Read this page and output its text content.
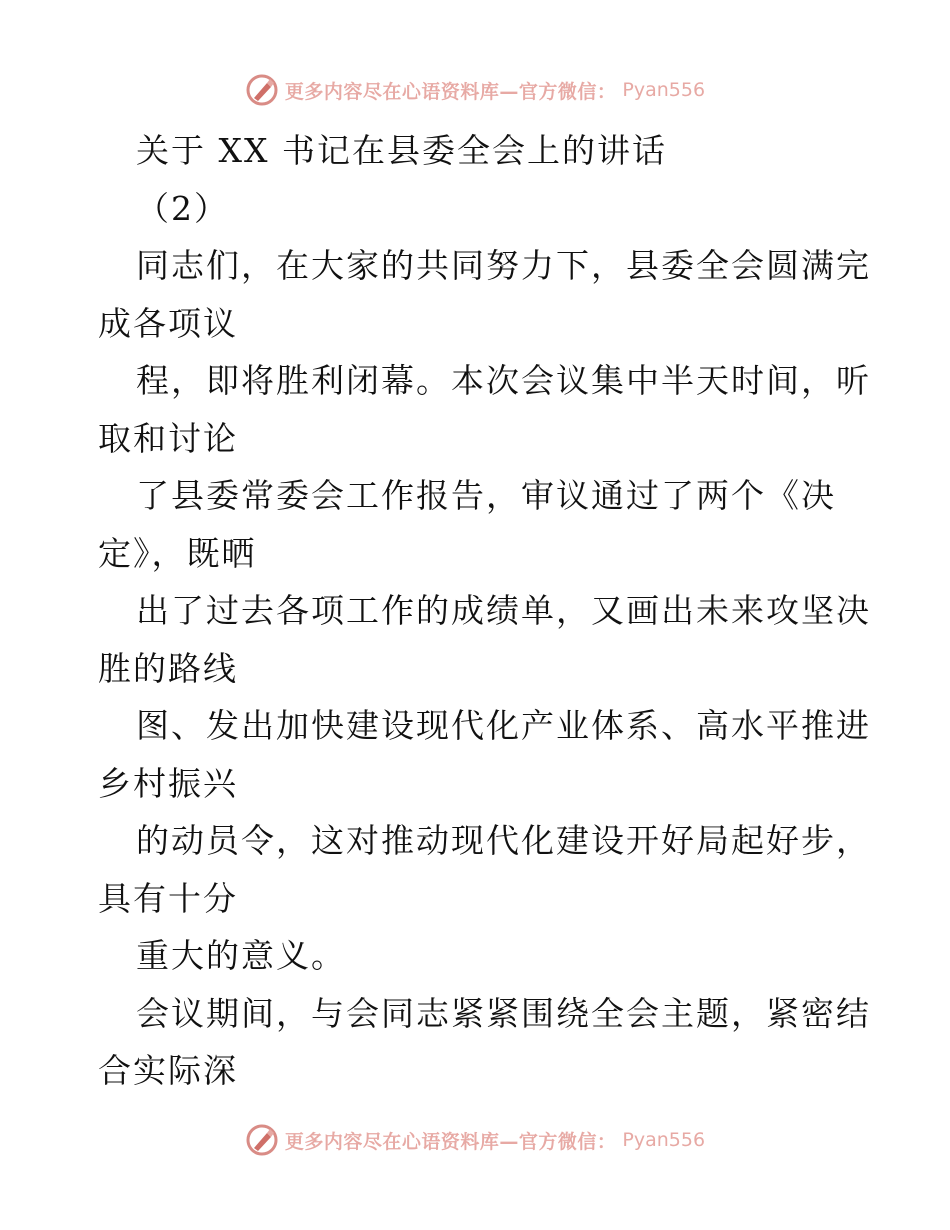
更多内容尽在心语资料库—官方微信： Pyan556
关于 XX 书记在县委全会上的讲话
（2）
同志们，在大家的共同努力下，县委全会圆满完
成各项议
程，即将胜利闭幕。本次会议集中半天时间，听
取和讨论
了县委常委会工作报告，审议通过了两个《决
定》，既晒
出了过去各项工作的成绩单，又画出未来攻坚决
胜的路线
图、发出加快建设现代化产业体系、高水平推进
乡村振兴
的动员令，这对推动现代化建设开好局起好步，
具有十分
重大的意义。
会议期间，与会同志紧紧围绕全会主题，紧密结
合实际深
更多内容尽在心语资料库—官方微信： Pyan556
